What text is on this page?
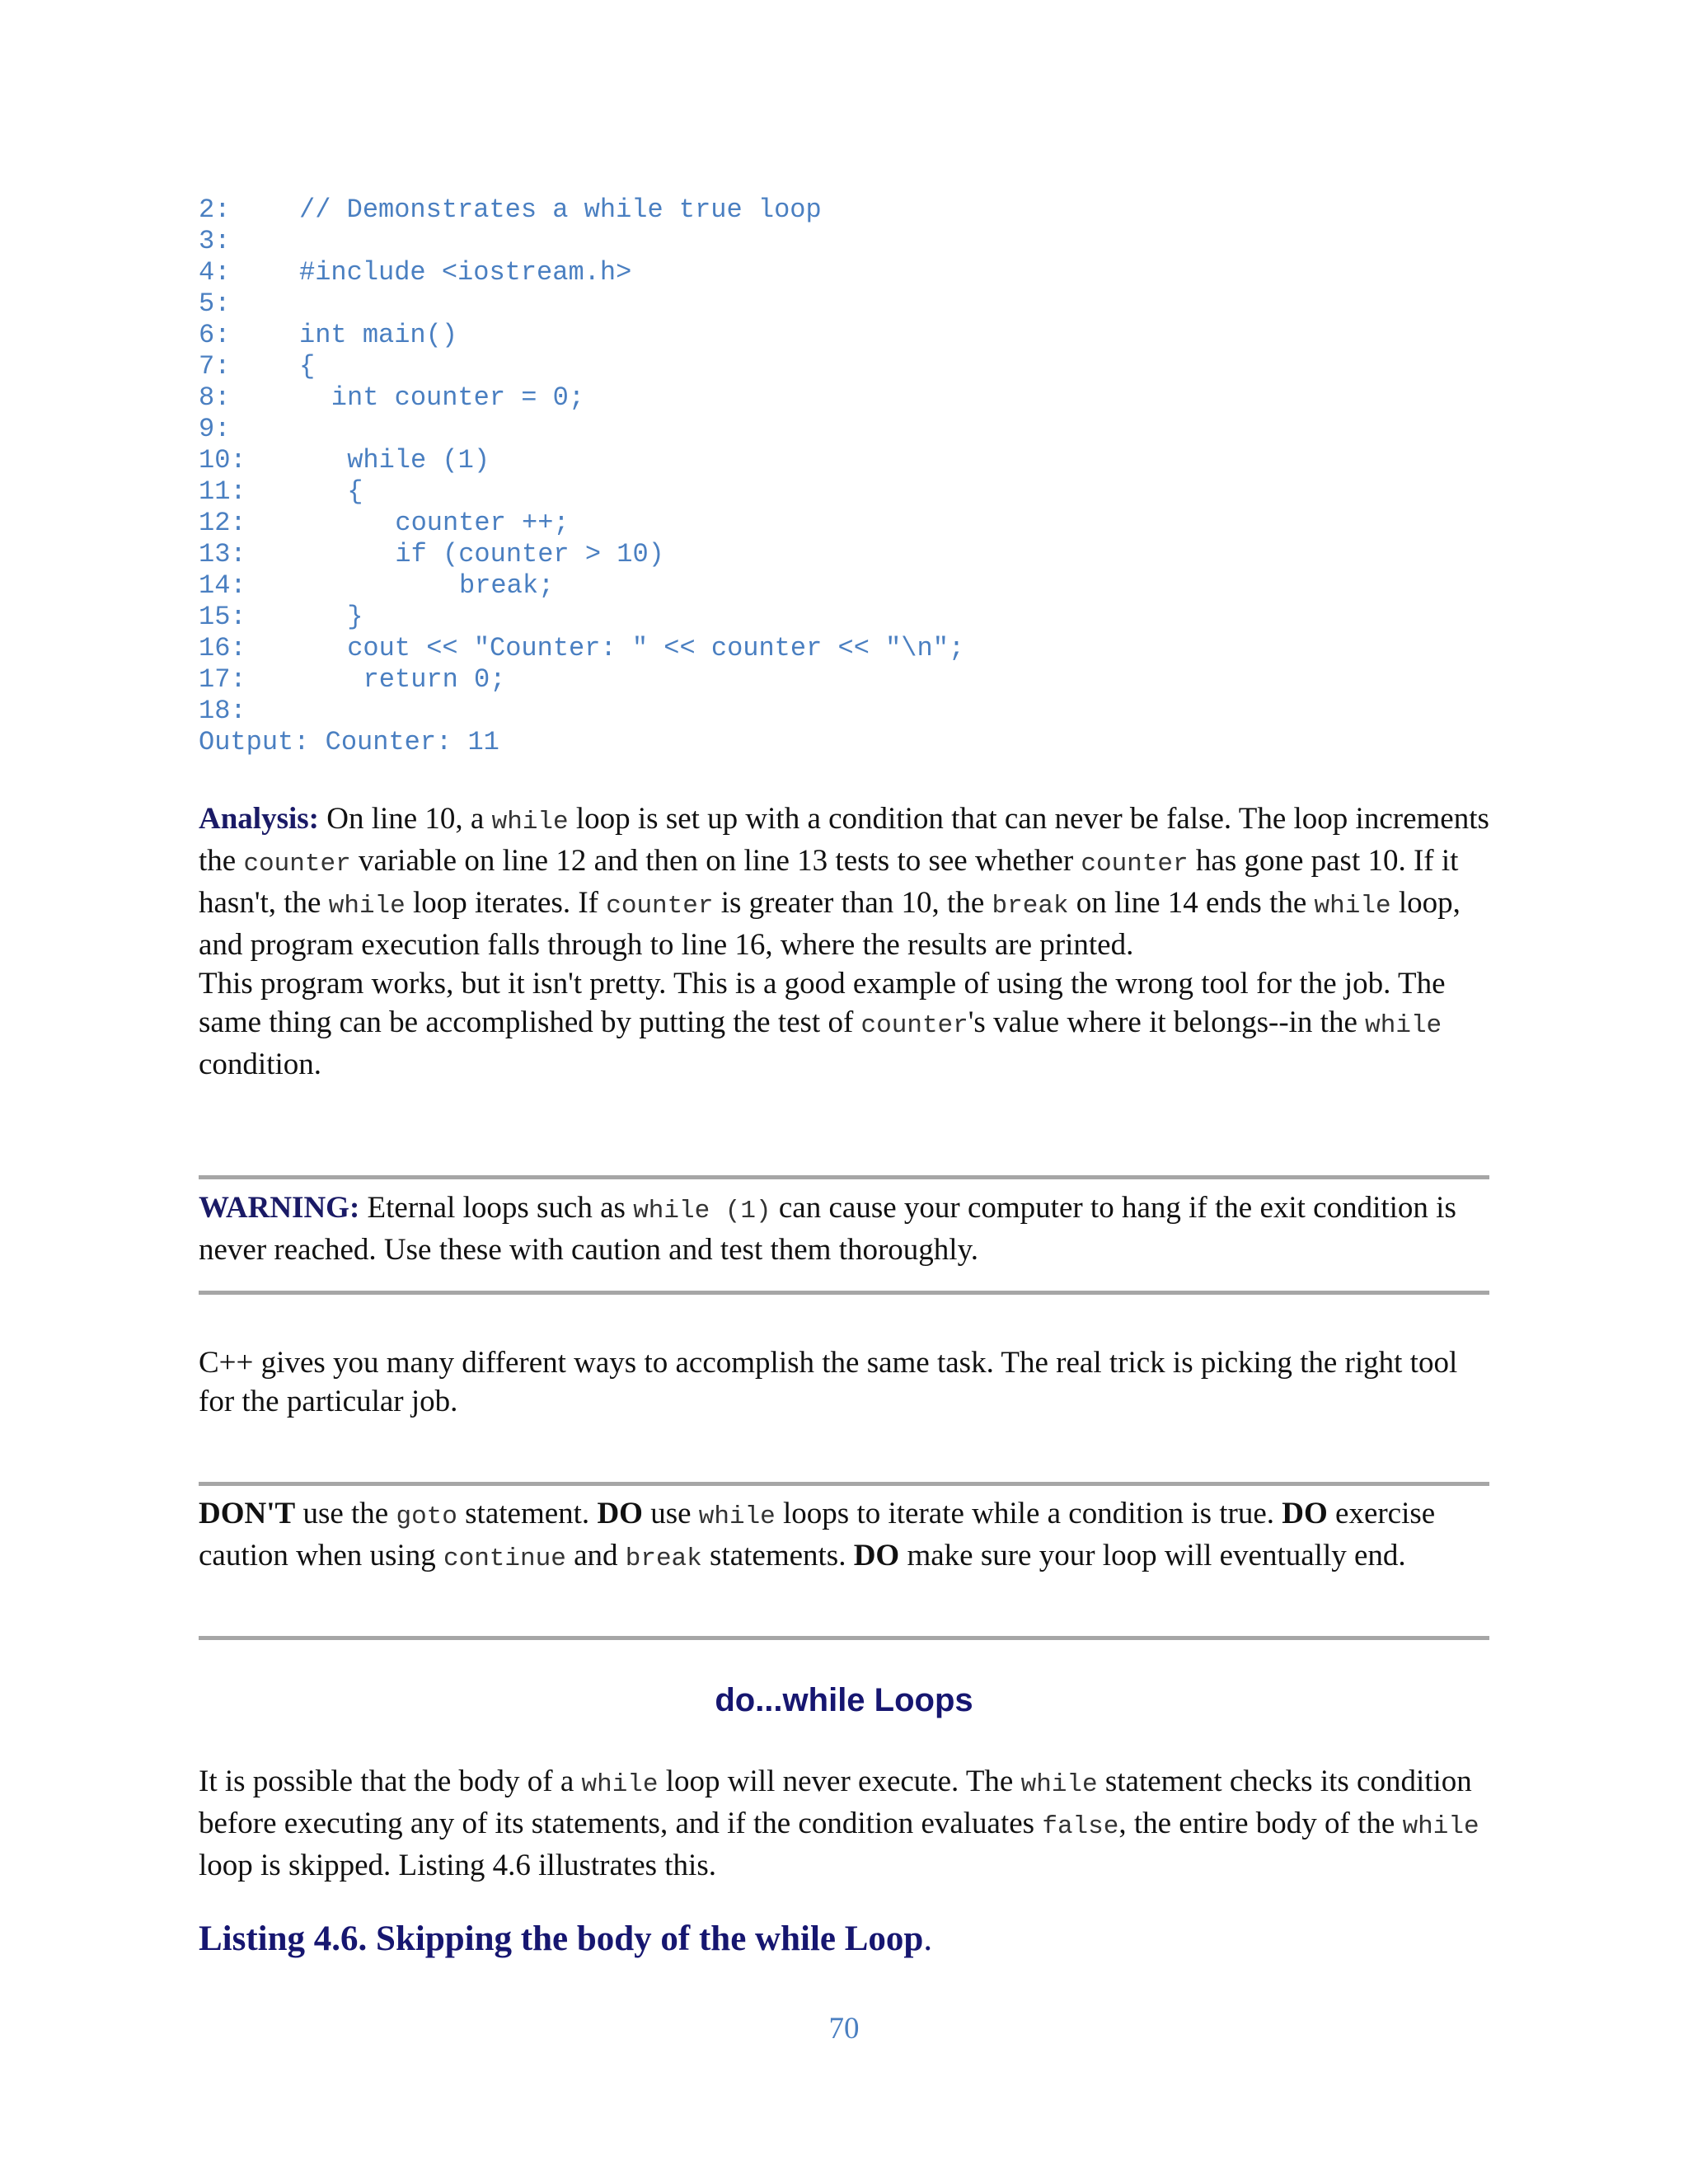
2:	// Demonstrates a while true loop
3:
4:	#include <iostream.h>
5:
6:	int main()
7:	{
8:	int counter = 0;
9:
10:	while (1)
11:	{
12:	counter ++;
13:	if (counter > 10)
14:	break;
15:	}
16:	cout << "Counter: " << counter << "\n";
17:	return 0;
18:
Output: Counter: 11

Analysis: On line 10, a while loop is set up with a condition that can never be false. The loop increments the counter variable on line 12 and then on line 13 tests to see whether counter has gone past 10. If it hasn't, the while loop iterates. If counter is greater than 10, the break on line 14 ends the while loop, and program execution falls through to line 16, where the results are printed.

This program works, but it isn't pretty. This is a good example of using the wrong tool for the job. The same thing can be accomplished by putting the test of counter's value where it belongs--in the while condition.

WARNING: Eternal loops such as while (1) can cause your computer to hang if the exit condition is never reached. Use these with caution and test them thoroughly.

C++ gives you many different ways to accomplish the same task. The real trick is picking the right tool for the particular job.

DON'T use the goto statement. DO use while loops to iterate while a condition is true. DO exercise caution when using continue and break statements. DO make sure your loop will eventually end.

do...while Loops

It is possible that the body of a while loop will never execute. The while statement checks its condition before executing any of its statements, and if the condition evaluates false, the entire body of the while loop is skipped. Listing 4.6 illustrates this.

Listing 4.6. Skipping the body of the while Loop.
70
